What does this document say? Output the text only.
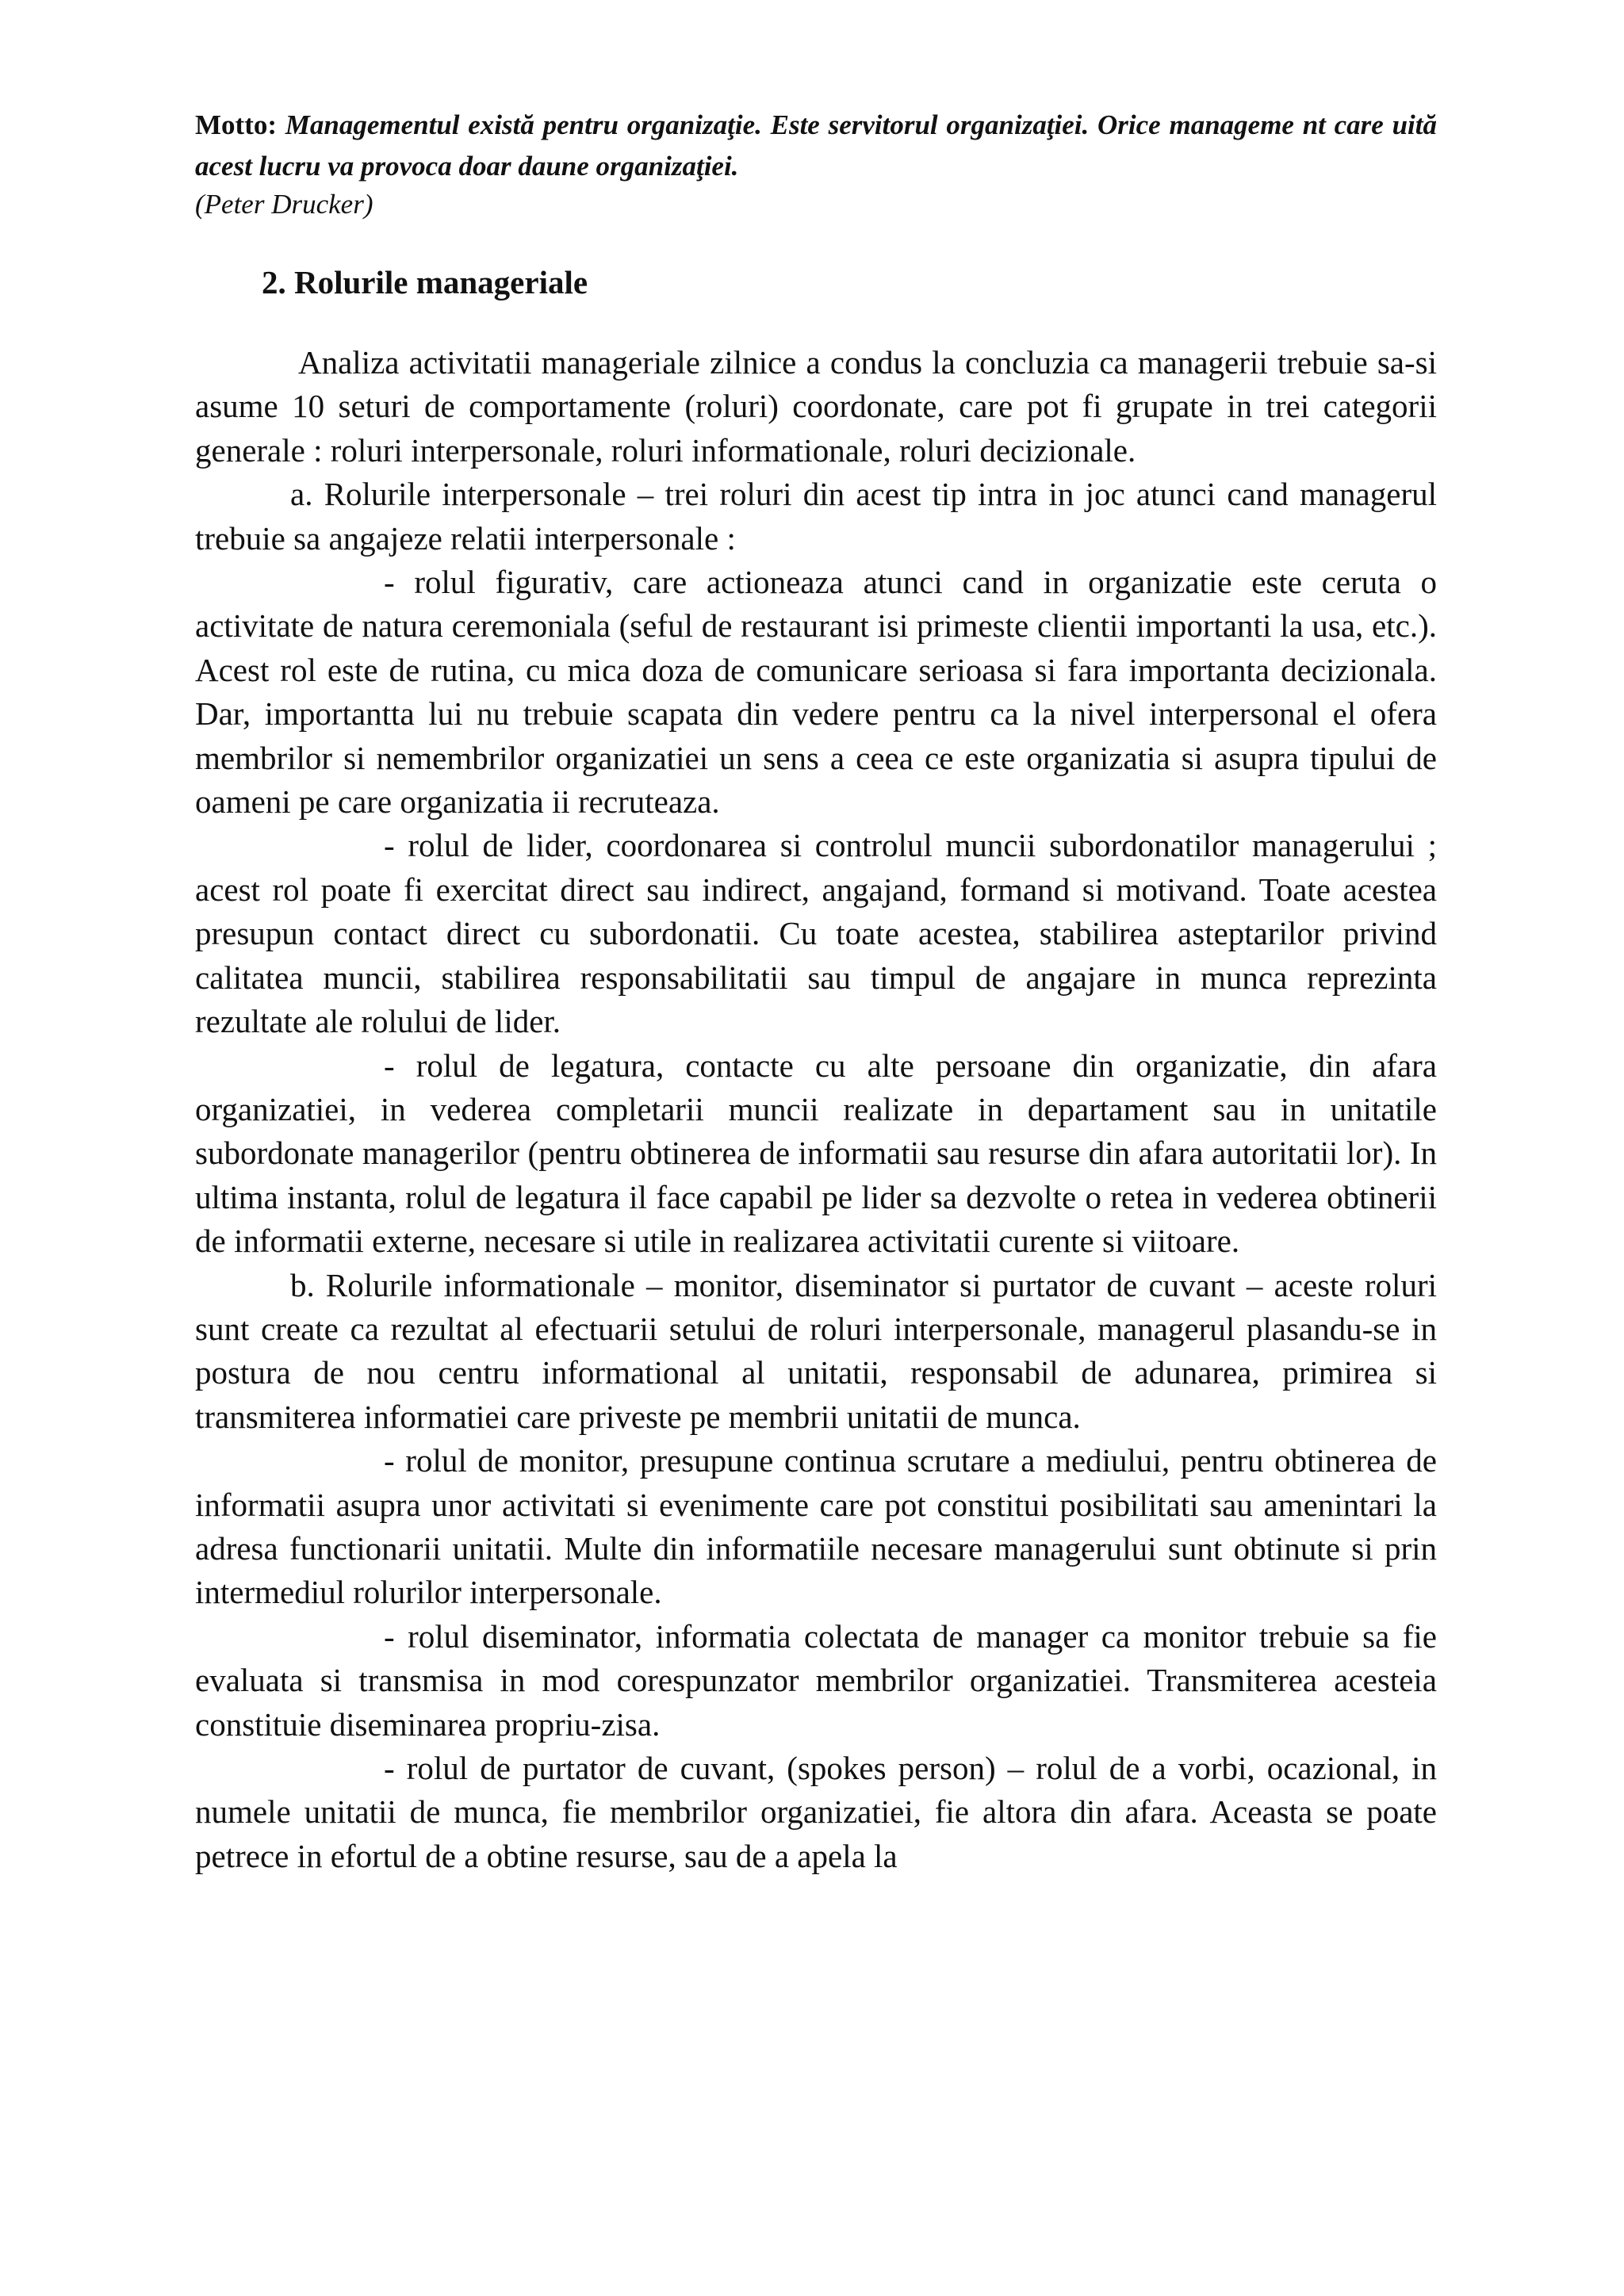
Motto: Managementul există pentru organizaţie. Este servitorul organizaţiei. Orice manageme nt care uită acest lucru va provoca doar daune organizaţiei.
(Peter Drucker)
2. Rolurile manageriale

Analiza activitatii manageriale zilnice a condus la concluzia ca managerii trebuie sa-si asume 10 seturi de comportamente (roluri) coordonate, care pot fi grupate in trei categorii generale : roluri interpersonale, roluri informationale, roluri decizionale.

a. Rolurile interpersonale – trei roluri din acest tip intra in joc atunci cand managerul trebuie sa angajeze relatii interpersonale :

- rolul figurativ, care actioneaza atunci cand in organizatie este ceruta o activitate de natura ceremoniala (seful de restaurant isi primeste clientii importanti la usa, etc.). Acest rol este de rutina, cu mica doza de comunicare serioasa si fara importanta decizionala. Dar, importantta lui nu trebuie scapata din vedere pentru ca la nivel interpersonal el ofera membrilor si nemembrilor organizatiei un sens a ceea ce este organizatia si asupra tipului de oameni pe care organizatia ii recruteaza.

- rolul de lider, coordonarea si controlul muncii subordonatilor managerului ; acest rol poate fi exercitat direct sau indirect, angajand, formand si motivand. Toate acestea presupun contact direct cu subordonatii. Cu toate acestea, stabilirea asteptarilor privind calitatea muncii, stabilirea responsabilitatii sau timpul de angajare in munca reprezinta rezultate ale rolului de lider.

- rolul de legatura, contacte cu alte persoane din organizatie, din afara organizatiei, in vederea completarii muncii realizate in departament sau in unitatile subordonate managerilor (pentru obtinerea de informatii sau resurse din afara autoritatii lor). In ultima instanta, rolul de legatura il face capabil pe lider sa dezvolte o retea in vederea obtinerii de informatii externe, necesare si utile in realizarea activitatii curente si viitoare.

b. Rolurile informationale – monitor, diseminator si purtator de cuvant – aceste roluri sunt create ca rezultat al efectuarii setului de roluri interpersonale, managerul plasandu-se in postura de nou centru informational al unitatii, responsabil de adunarea, primirea si transmiterea informatiei care priveste pe membrii unitatii de munca.

- rolul de monitor, presupune continua scrutare a mediului, pentru obtinerea de informatii asupra unor activitati si evenimente care pot constitui posibilitati sau amenintari la adresa functionarii unitatii. Multe din informatiile necesare managerului sunt obtinute si prin intermediul rolurilor interpersonale.

- rolul diseminator, informatia colectata de manager ca monitor trebuie sa fie evaluata si transmisa in mod corespunzator membrilor organizatiei. Transmiterea acesteia constituie diseminarea propriu-zisa.

- rolul de purtator de cuvant, (spokes person) – rolul de a vorbi, ocazional, in numele unitatii de munca, fie membrilor organizatiei, fie altora din afara. Aceasta se poate petrece in efortul de a obtine resurse, sau de a apela la
